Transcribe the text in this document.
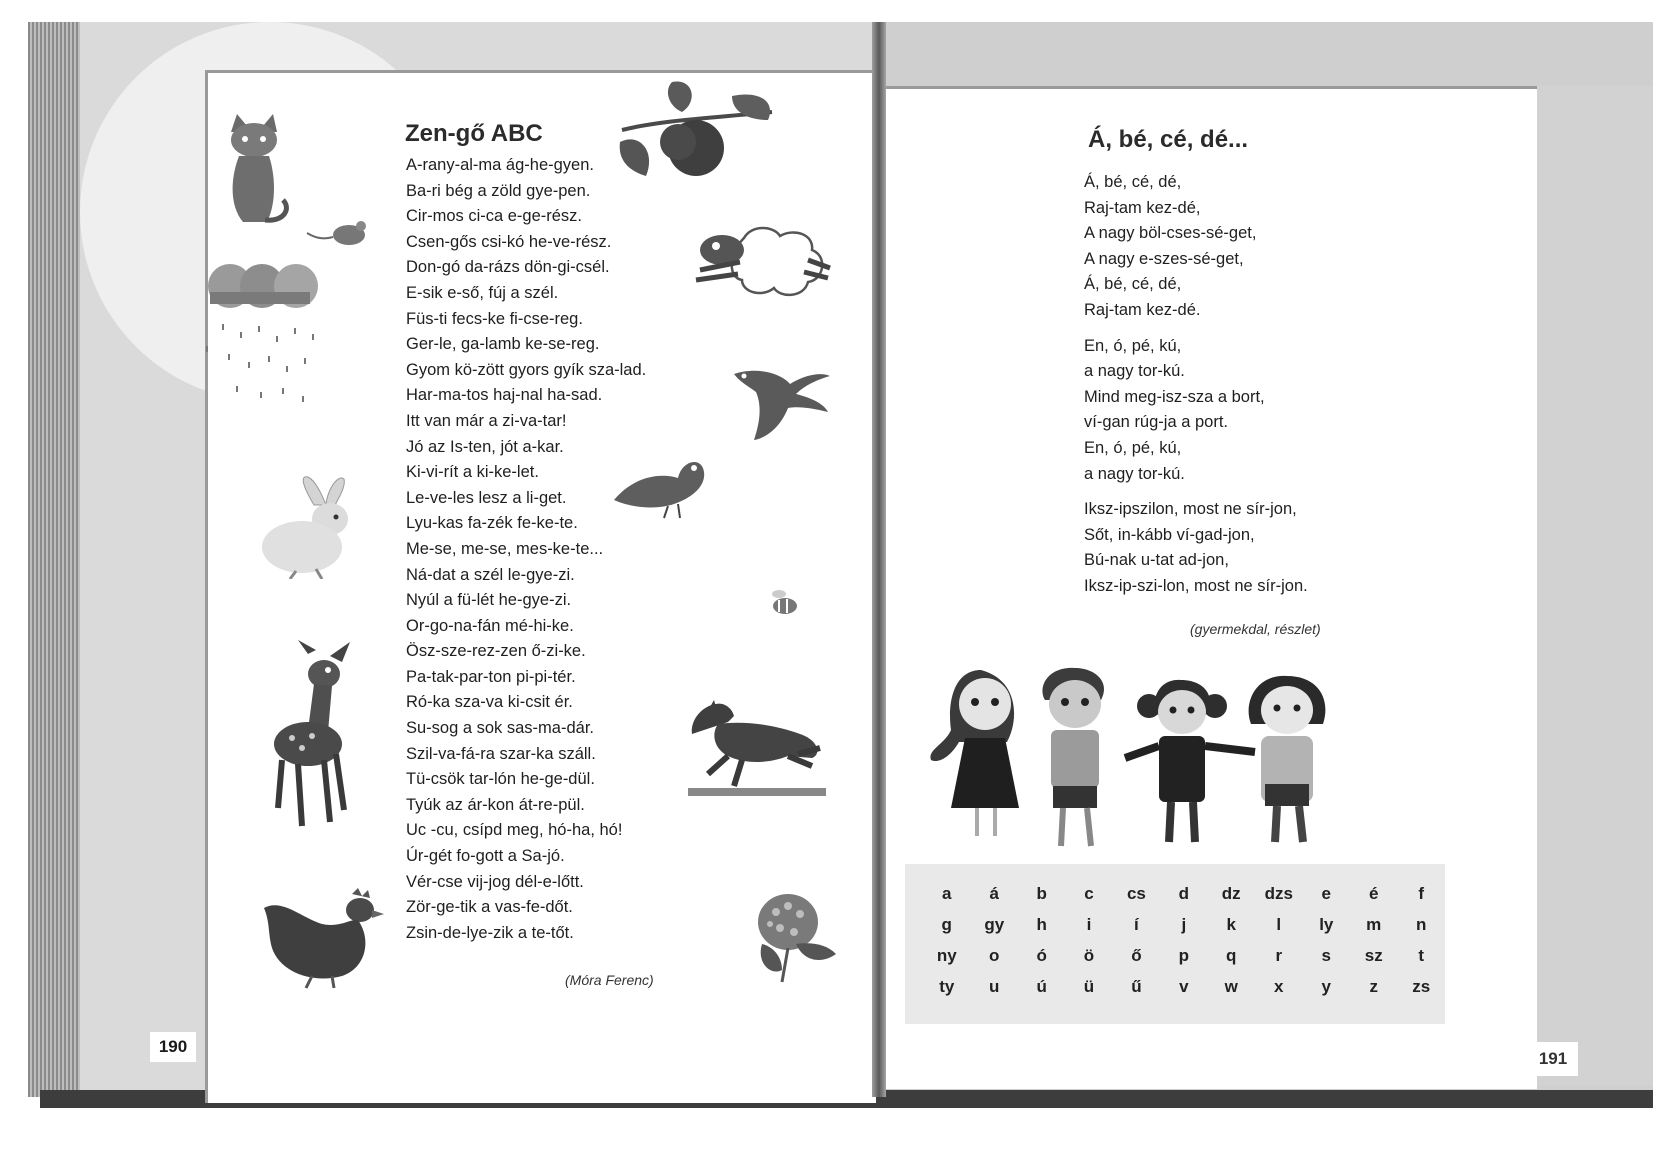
Zen-gő ABC
A-rany-al-ma ág-he-gyen.
Ba-ri bég a zöld gye-pen.
Cir-mos ci-ca e-ge-rész.
Csen-gős csi-kó he-ve-rész.
Don-gó da-rázs dön-gi-csél.
E-sik e-ső, fúj a szél.
Füs-ti fecs-ke fi-cse-reg.
Ger-le, ga-lamb ke-se-reg.
Gyom kö-zött gyors gyík sza-lad.
Har-ma-tos haj-nal ha-sad.
Itt van már a zi-va-tar!
Jó az Is-ten, jót a-kar.
Ki-vi-rít a ki-ke-let.
Le-ve-les lesz a li-get.
Lyu-kas fa-zék fe-ke-te.
Me-se, me-se, mes-ke-te...
Ná-dat a szél le-gye-zi.
Nyúl a fü-lét he-gye-zi.
Or-go-na-fán mé-hi-ke.
Ösz-sze-rez-zen ő-zi-ke.
Pa-tak-par-ton pi-pi-tér.
Ró-ka sza-va ki-csit ér.
Su-sog a sok sas-ma-dár.
Szil-va-fá-ra szar-ka száll.
Tü-csök tar-lón he-ge-dül.
Tyúk az ár-kon át-re-pül.
Uc -cu, csípd meg, hó-ha, hó!
Úr-gét fo-gott a Sa-jó.
Vér-cse vij-jog dél-e-lőtt.
Zör-ge-tik a vas-fe-dőt.
Zsin-de-lye-zik a te-tőt.
(Móra Ferenc)
190
Á, bé, cé, dé...
Á, bé, cé, dé,
Raj-tam kez-dé,
A nagy böl-cses-sé-get,
A nagy e-szes-sé-get,
Á, bé, cé, dé,
Raj-tam kez-dé.
En, ó, pé, kú,
a nagy tor-kú.
Mind meg-isz-sza a bort,
ví-gan rúg-ja a port.
En, ó, pé, kú,
a nagy tor-kú.
Iksz-ipszilon, most ne sír-jon,
Sőt, in-kább ví-gad-jon,
Bú-nak u-tat ad-jon,
Iksz-ip-szi-lon, most ne sír-jon.
(gyermekdal, részlet)
191
a	á	b	c	cs	d	dz	dzs	e	é	f
g	gy	h	i	í	j	k	l	ly	m	n
ny	o	ó	ö	ő	p	q	r	s	sz	t
ty	u	ú	ü	ű	v	w	x	y	z	zs
